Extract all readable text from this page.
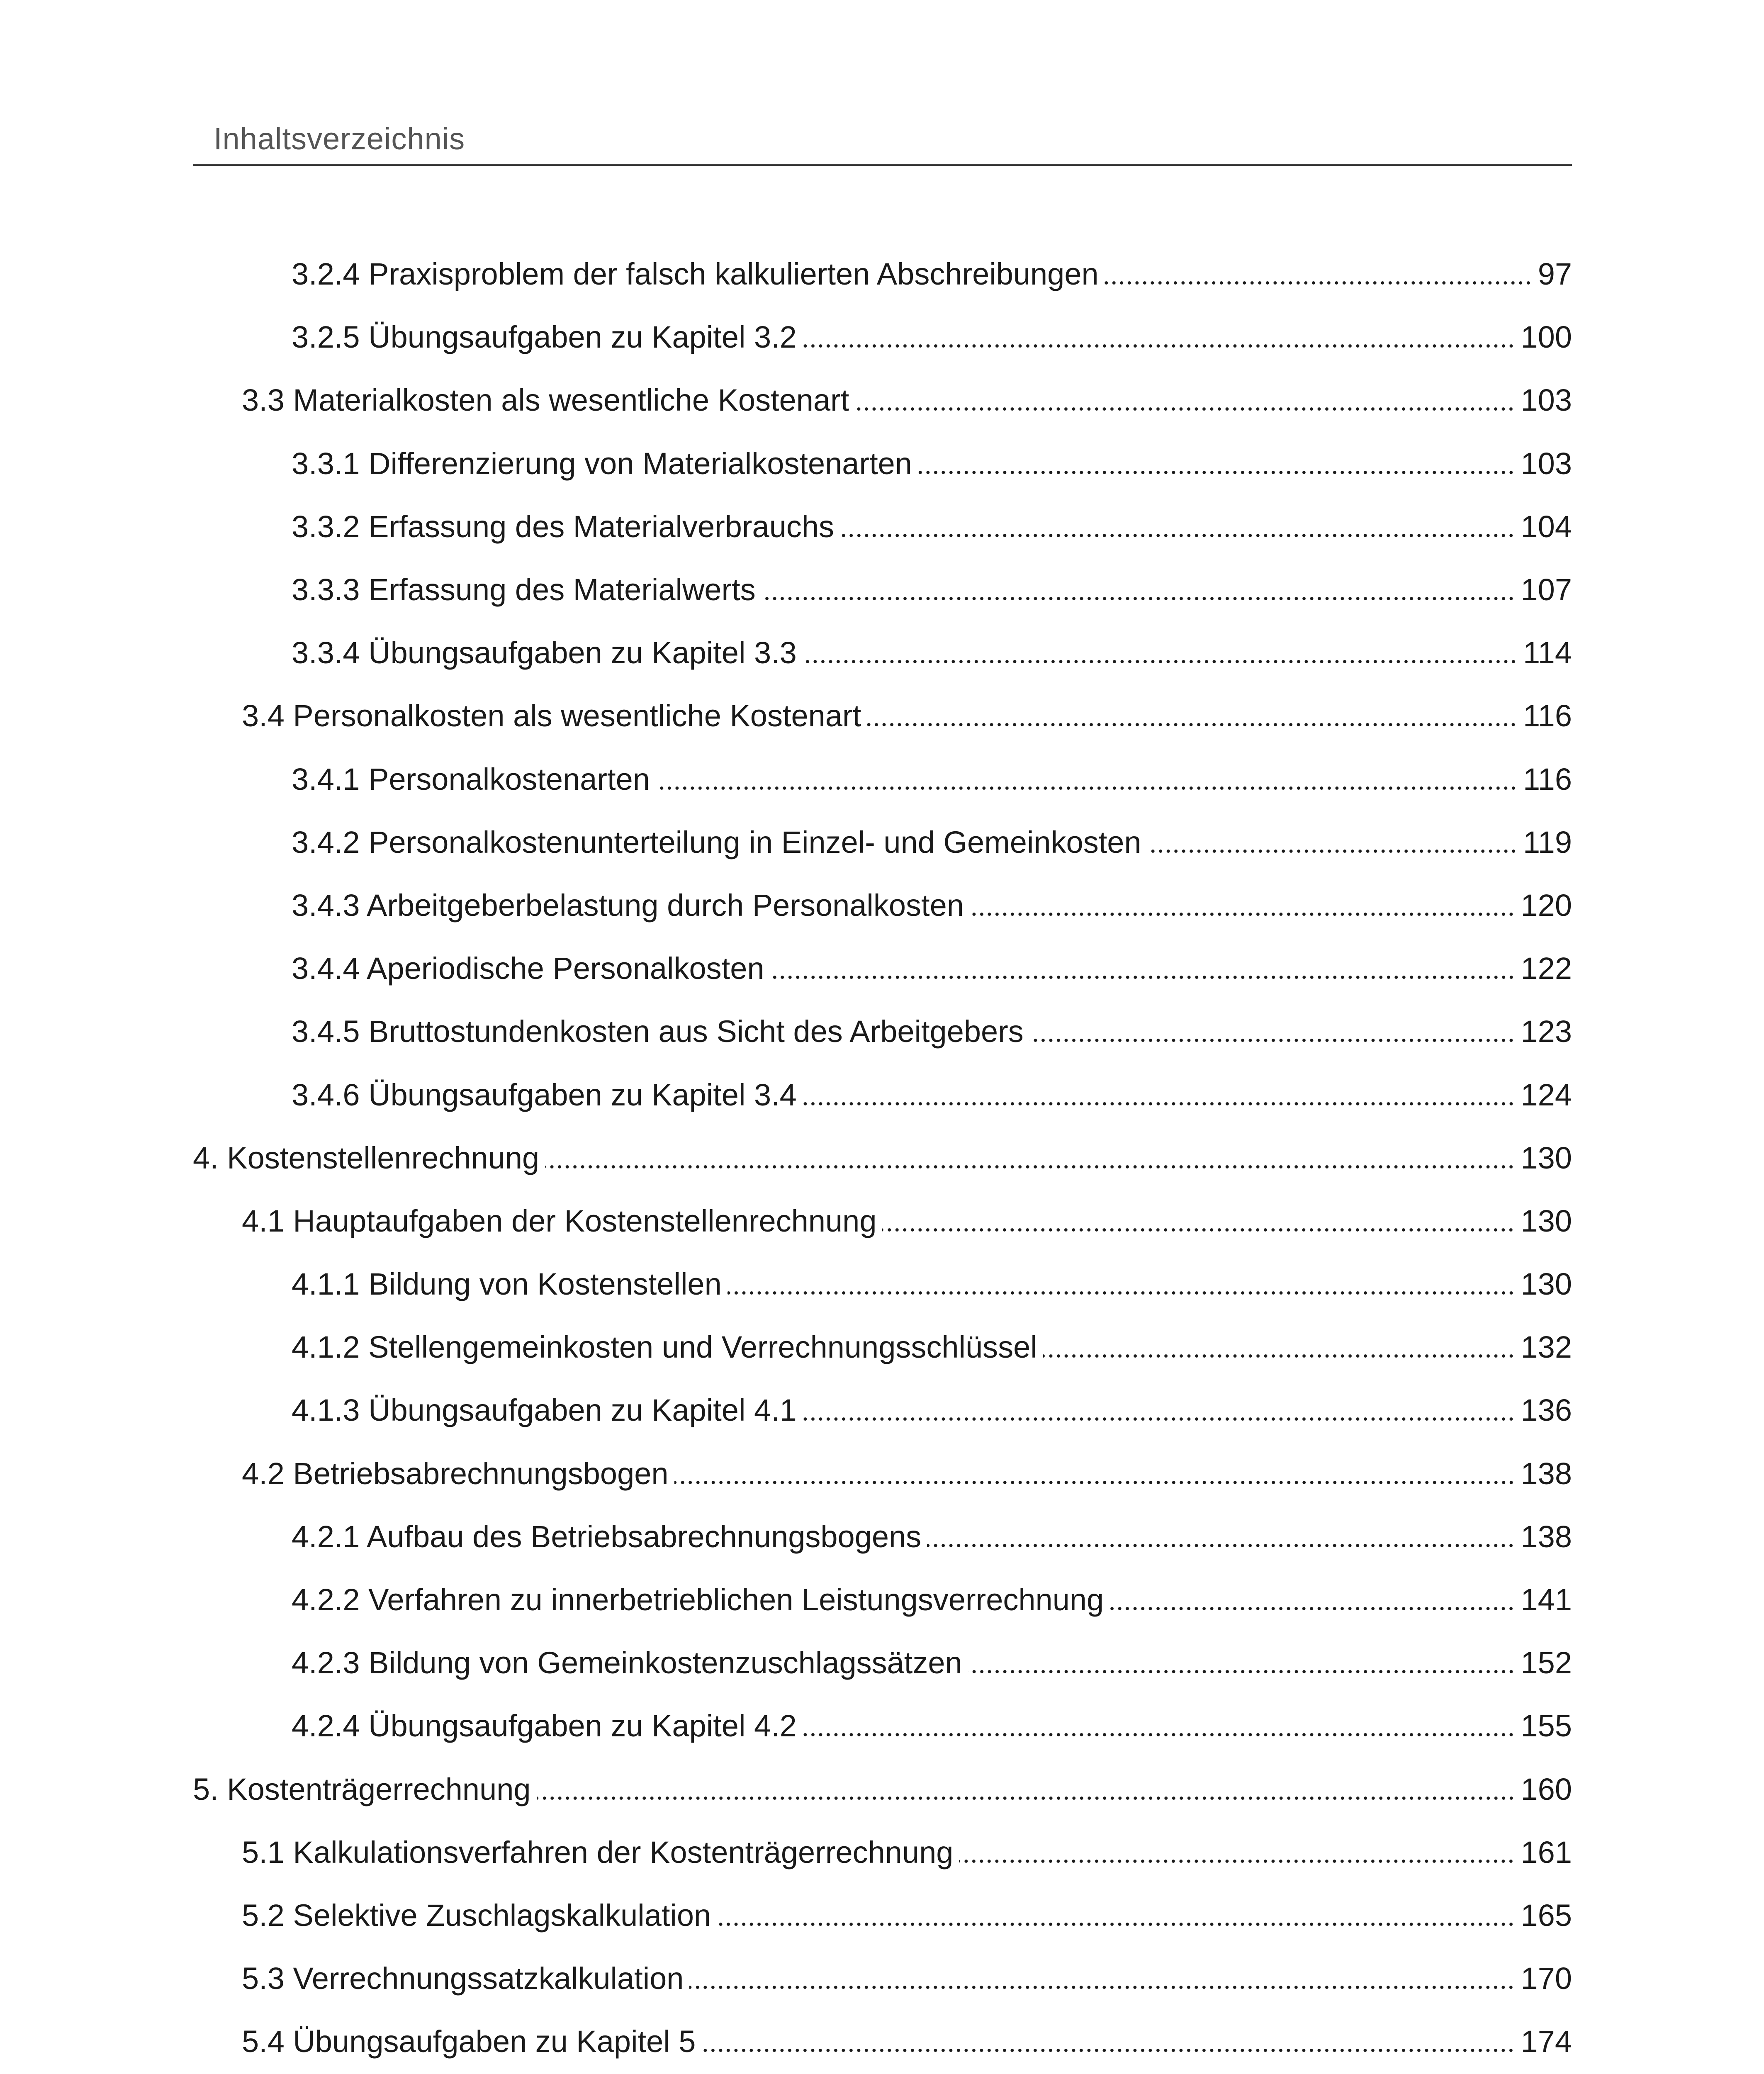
Inhaltsverzeichnis
3.2.4 Praxisproblem der falsch kalkulierten Abschreibungen	97
3.2.5 Übungsaufgaben zu Kapitel 3.2	100
3.3 Materialkosten als wesentliche Kostenart	103
3.3.1 Differenzierung von Materialkostenarten	103
3.3.2 Erfassung des Materialverbrauchs	104
3.3.3 Erfassung des Materialwerts	107
3.3.4 Übungsaufgaben zu Kapitel 3.3	114
3.4 Personalkosten als wesentliche Kostenart	116
3.4.1 Personalkostenarten	116
3.4.2 Personalkostenunterteilung in Einzel- und Gemeinkosten	119
3.4.3 Arbeitgeberbelastung durch Personalkosten	120
3.4.4 Aperiodische Personalkosten	122
3.4.5 Bruttostundenkosten aus Sicht des Arbeitgebers	123
3.4.6 Übungsaufgaben zu Kapitel 3.4	124
4. Kostenstellenrechnung	130
4.1 Hauptaufgaben der Kostenstellenrechnung	130
4.1.1 Bildung von Kostenstellen	130
4.1.2 Stellengemeinkosten und Verrechnungsschlüssel	132
4.1.3 Übungsaufgaben zu Kapitel 4.1	136
4.2 Betriebsabrechnungsbogen	138
4.2.1 Aufbau des Betriebsabrechnungsbogens	138
4.2.2 Verfahren zu innerbetrieblichen Leistungsverrechnung	141
4.2.3 Bildung von Gemeinkostenzuschlagssätzen	152
4.2.4 Übungsaufgaben zu Kapitel 4.2	155
5. Kostenträgerrechnung	160
5.1 Kalkulationsverfahren der Kostenträgerrechnung	161
5.2 Selektive Zuschlagskalkulation	165
5.3 Verrechnungssatzkalkulation	170
5.4 Übungsaufgaben zu Kapitel 5	174
